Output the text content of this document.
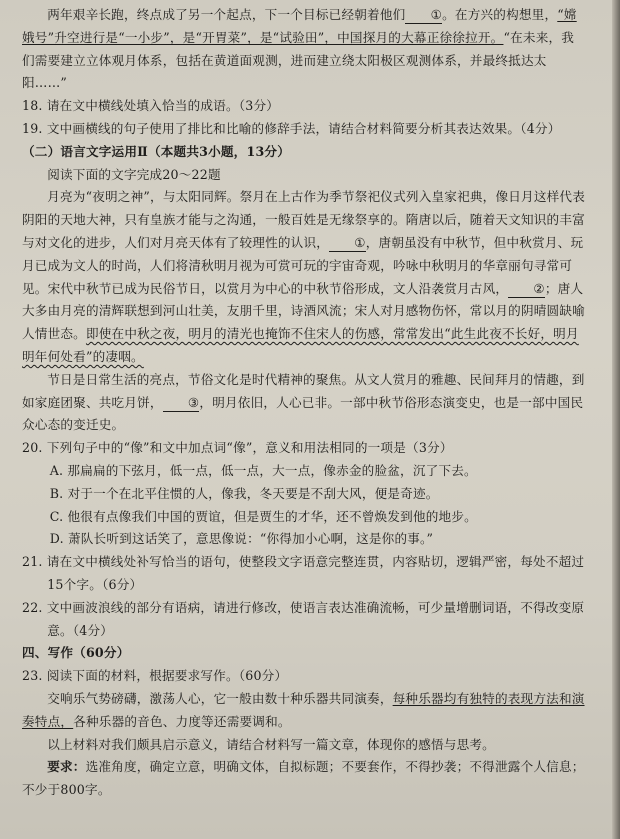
两年艰辛长跑，终点成了另一个起点，下一个目标已经朝着他们 ①。在方兴的构想里，“嫦娥号”升空进行是“一小步”，是“开胃菜”，是“试验田”，中国探月的大幕正徐徐拉开。“在未来，我们需要建立立体观月体系，包括在黄道面观测，进而建立绕太阳极区观测体系，并最终抵达太阳……”

18. 请在文中横线处填入恰当的成语。（3分）

19. 文中画横线的句子使用了排比和比喻的修辞手法，请结合材料简要分析其表达效果。（4分）

（二）语言文字运用Ⅱ（本题共3小题，13分）

阅读下面的文字完成20～22题

月亮为“夜明之神”，与太阳同辉。祭月在上古作为季节祭祀仪式列入皇家祀典，像日月这样代表阴阳的天地大神，只有皇族才能与之沟通，一般百姓是无缘祭享的。隋唐以后，随着天文知识的丰富与对文化的进步，人们对月亮天体有了较理性的认识， ①，唐朝虽没有中秋节，但中秋赏月、玩月已成为文人的时尚，人们将清秋明月视为可赏可玩的宇宙奇观，吟咏中秋明月的华章丽句寻常可见。宋代中秋节已成为民俗节日，以赏月为中心的中秋节俗形成，文人沿袭赏月古风， ②；唐人大多由月亮的清辉联想到河山壮美，友朋千里，诗酒风流；宋人对月感物伤怀，常以月的阴晴圆缺喻人情世态。即使在中秋之夜，明月的清光也掩饰不住宋人的伤感，常常发出“此生此夜不长好，明月明年何处看”的凄咽。

节日是日常生活的亮点，节俗文化是时代精神的聚焦。从文人赏月的雅趣、民间拜月的情趣，到如家庭团聚、共吃月饼， ③，明月依旧，人心已非。一部中秋节俗形态演变史，也是一部中国民众心态的变迁史。

20. 下列句子中的“像”和文中加点词“像”，意义和用法相同的一项是（3分）

A. 那扁扁的下弦月，低一点，低一点，大一点，像赤金的脸盆，沉了下去。

B. 对于一个在北平住惯的人，像我，冬天要是不刮大风，便是奇迹。

C. 他很有点像我们中国的贾谊，但是贾生的才华，还不曾焕发到他的地步。

D. 萧队长听到这话笑了，意思像说：“你得加小心啊，这是你的事。”

21. 请在文中横线处补写恰当的语句，使整段文字语意完整连贯，内容贴切，逻辑严密，每处不超过15个字。（6分）

22. 文中画波浪线的部分有语病，请进行修改，使语言表达准确流畅，可少量增删词语，不得改变原意。（4分）

四、写作（60分）

23. 阅读下面的材料，根据要求写作。（60分）

交响乐气势磅礴，激荡人心，它一般由数十种乐器共同演奏，每种乐器均有独特的表现方法和演奏特点，各种乐器的音色、力度等还需要调和。

以上材料对我们颇具启示意义，请结合材料写一篇文章，体现你的感悟与思考。

要求：选准角度，确定立意，明确文体，自拟标题；不要套作，不得抄袭；不得泄露个人信息；不少于800字。
